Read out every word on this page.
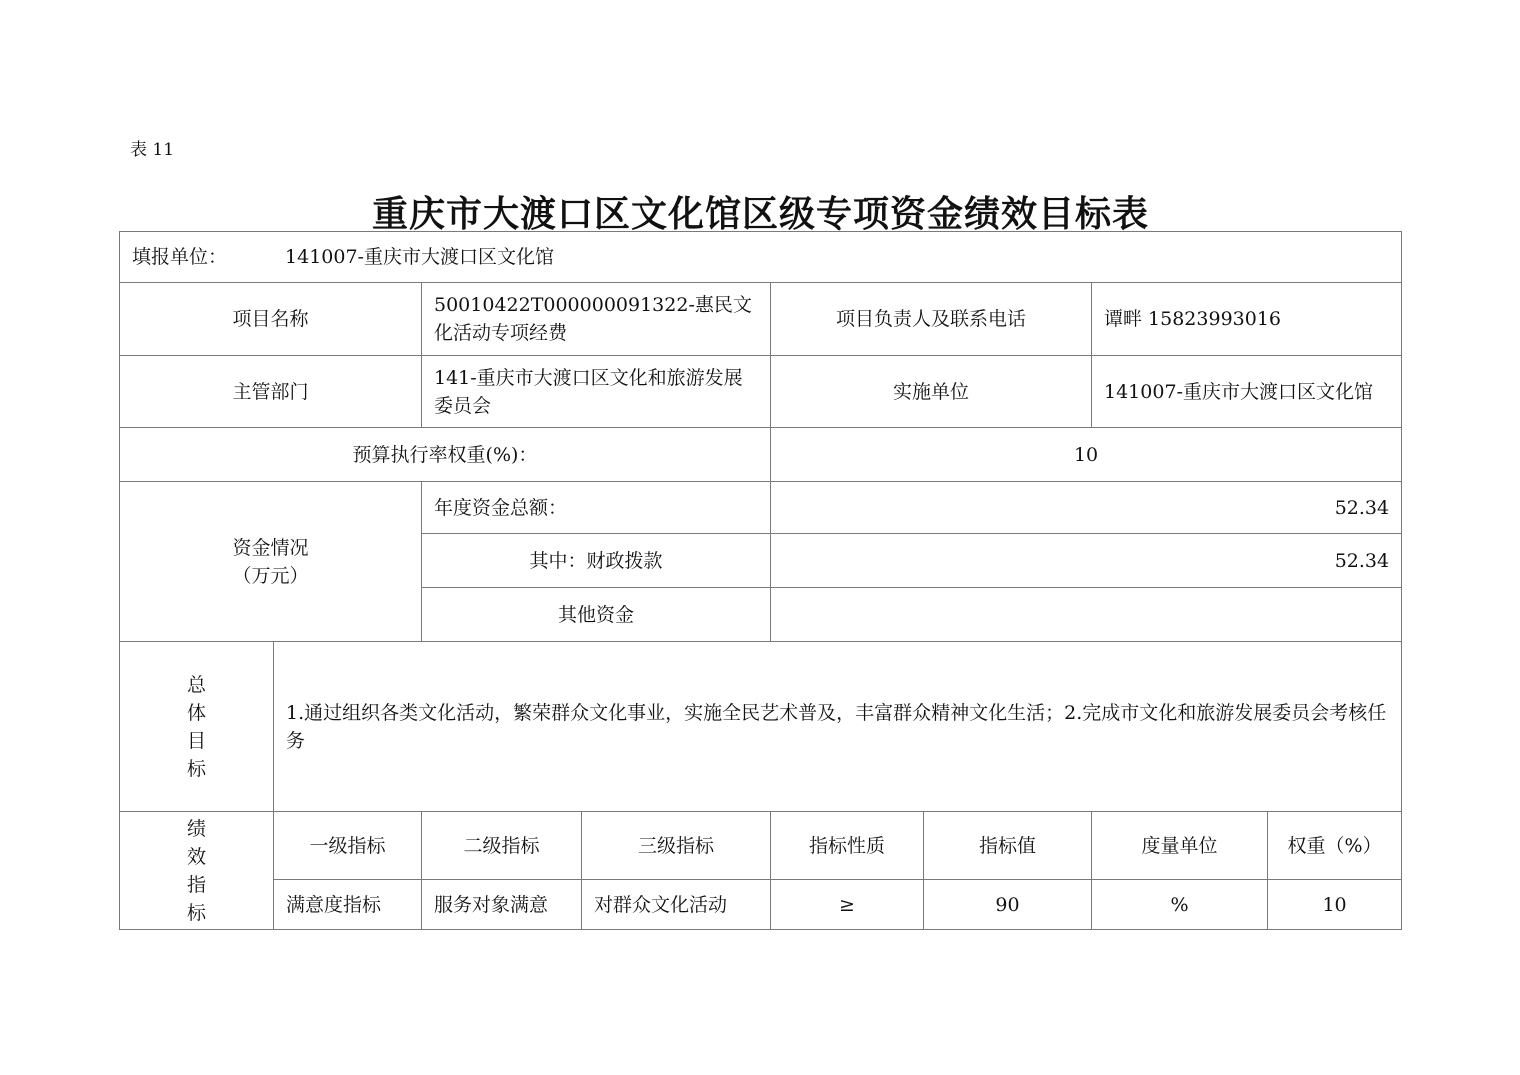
表 11
重庆市大渡口区文化馆区级专项资金绩效目标表
填报单位： 141007-重庆市大渡口区文化馆							
项目名称		50010422T000000091322-惠民文化活动专项经费		项目负责人及联系电话		谭畔 15823993016	
主管部门		141-重庆市大渡口区文化和旅游发展委员会		实施单位		141007-重庆市大渡口区文化馆	
预算执行率权重(%)：				10			

资金情况
（万元）		年度资金总额：		52.34			
		其中：财政拨款		52.34			
		其他资金					

总
体
目
标	1.通过组织各类文化活动，繁荣群众文化事业，实施全民艺术普及，丰富群众精神文化生活；2.完成市文化和旅游发展委员会考核任务						

绩
效
指
标	一级指标	二级指标	三级指标	指标性质	指标值	度量单位	权重（%）
	满意度指标	服务对象满意	对群众文化活动	≥	90	%	10
